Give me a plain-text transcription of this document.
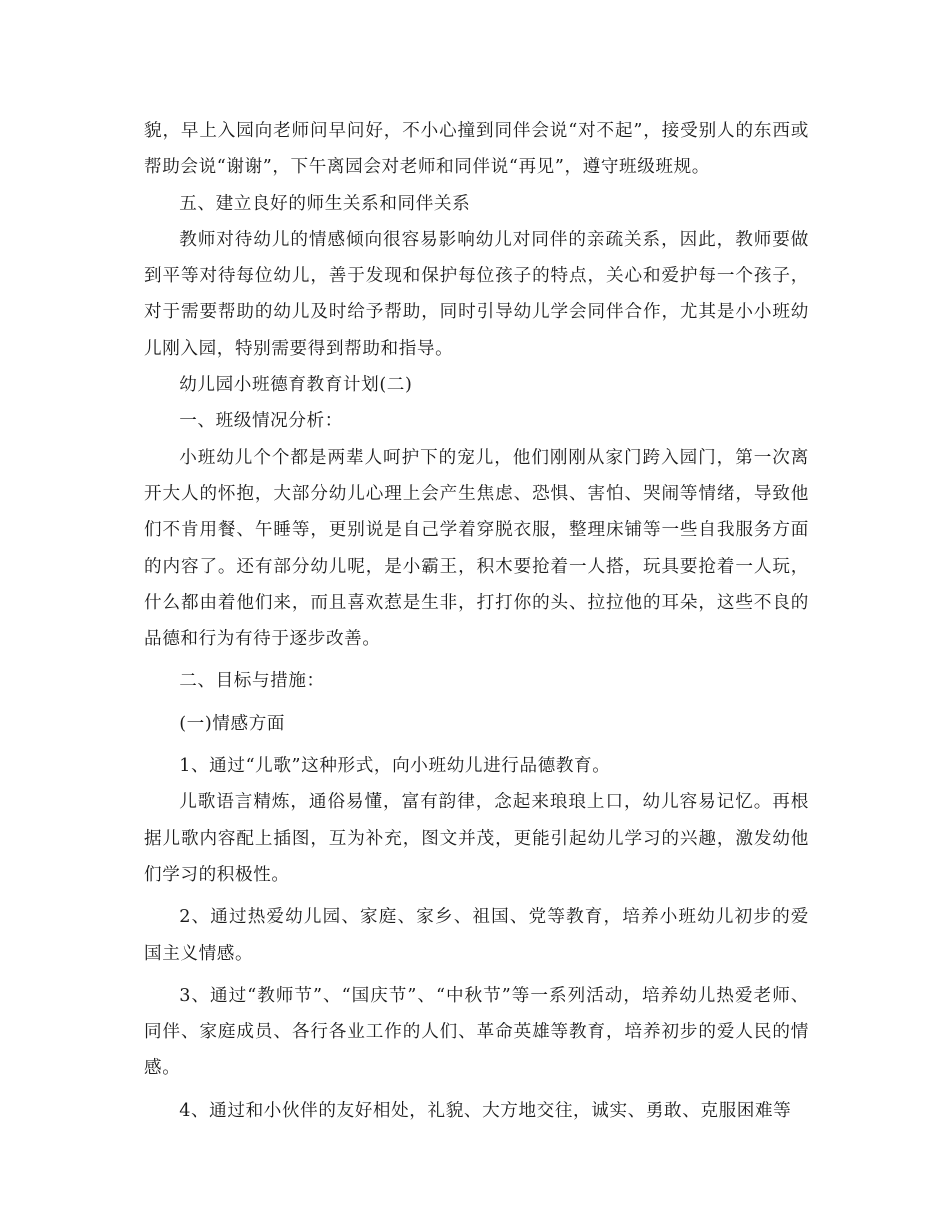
貌，早上入园向老师问早问好，不小心撞到同伴会说“对不起”，接受别人的东西或帮助会说“谢谢”，下午离园会对老师和同伴说“再见”，遵守班级班规。

五、建立良好的师生关系和同伴关系

教师对待幼儿的情感倾向很容易影响幼儿对同伴的亲疏关系，因此，教师要做到平等对待每位幼儿，善于发现和保护每位孩子的特点，关心和爱护每一个孩子，对于需要帮助的幼儿及时给予帮助，同时引导幼儿学会同伴合作，尤其是小小班幼儿刚入园，特别需要得到帮助和指导。

幼儿园小班德育教育计划(二)

一、班级情况分析：

小班幼儿个个都是两辈人呵护下的宠儿，他们刚刚从家门跨入园门，第一次离开大人的怀抱，大部分幼儿心理上会产生焦虑、恐惧、害怕、哭闹等情绪，导致他们不肯用餐、午睡等，更别说是自己学着穿脱衣服，整理床铺等一些自我服务方面的内容了。还有部分幼儿呢，是小霸王，积木要抢着一人搭，玩具要抢着一人玩，什么都由着他们来，而且喜欢惹是生非，打打你的头、拉拉他的耳朵，这些不良的品德和行为有待于逐步改善。

二、目标与措施：

(一)情感方面

1、通过“儿歌”这种形式，向小班幼儿进行品德教育。

儿歌语言精炼，通俗易懂，富有韵律，念起来琅琅上口，幼儿容易记忆。再根据儿歌内容配上插图，互为补充，图文并茂，更能引起幼儿学习的兴趣，激发幼他们学习的积极性。

2、通过热爱幼儿园、家庭、家乡、祖国、党等教育，培养小班幼儿初步的爱国主义情感。

3、通过“教师节”、“国庆节”、“中秋节”等一系列活动，培养幼儿热爱老师、同伴、家庭成员、各行各业工作的人们、革命英雄等教育，培养初步的爱人民的情感。

4、通过和小伙伴的友好相处，礼貌、大方地交往，诚实、勇敢、克服困难等
